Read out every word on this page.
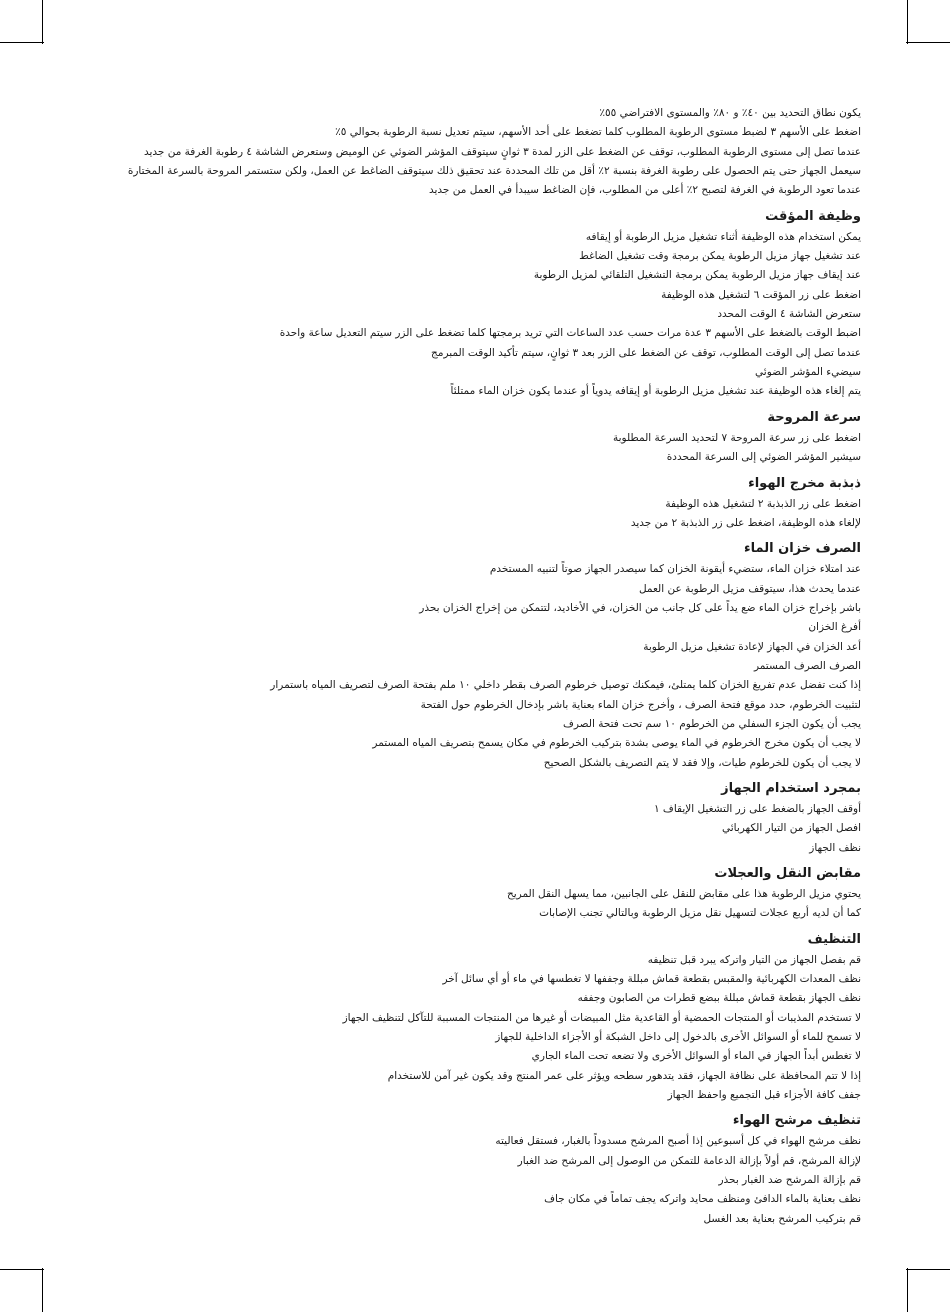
يكون نطاق التحديد بين ٤٠٪ و ٨٠٪ والمستوى الافتراضي ٥٥٪
اضغط على الأسهم ٣ لضبط مستوى الرطوبة المطلوب كلما تضغط على أحد الأسهم، سيتم تعديل نسبة الرطوبة بحوالي ٥٪
عندما تصل إلى مستوى الرطوبة المطلوب، توقف عن الضغط على الزر لمدة ٣ ثوانٍ سيتوقف المؤشر الضوئي عن الوميض وستعرض الشاشة ٤ رطوبة الغرفة من جديد
سيعمل الجهاز حتى يتم الحصول على رطوبة الغرفة بنسبة ٢٪ أقل من تلك المحددة عند تحقيق ذلك سيتوقف الضاغط عن العمل، ولكن ستستمر المروحة بالسرعة المختارة
عندما تعود الرطوبة في الغرفة لتصبح ٢٪ أعلى من المطلوب، فإن الضاغط سيبدأ في العمل من جديد
وظيفة المؤقت
يمكن استخدام هذه الوظيفة أثناء تشغيل مزيل الرطوبة أو إيقافه
عند تشغيل جهاز مزيل الرطوبة يمكن برمجة وقت تشغيل الضاغط
عند إيقاف جهاز مزيل الرطوبة يمكن برمجة التشغيل التلقائي لمزيل الرطوبة
اضغط على زر المؤقت ٦ لتشغيل هذه الوظيفة
ستعرض الشاشة ٤ الوقت المحدد
اضبط الوقت بالضغط على الأسهم ٣ عدة مرات حسب عدد الساعات التي تريد برمجتها كلما تضغط على الزر سيتم التعديل ساعة واحدة
عندما تصل إلى الوقت المطلوب، توقف عن الضغط على الزر بعد ٣ ثوانٍ، سيتم تأكيد الوقت المبرمج
سيضيء المؤشر الضوئي
يتم إلغاء هذه الوظيفة عند تشغيل مزيل الرطوبة أو إيقافه يدوياً أو عندما يكون خزان الماء ممتلئاً
سرعة المروحة
اضغط على زر سرعة المروحة ٧ لتحديد السرعة المطلوبة
سيشير المؤشر الضوئي إلى السرعة المحددة
ذبذبة مخرج الهواء
اضغط على زر الذبذبة ٢ لتشغيل هذه الوظيفة
لإلغاء هذه الوظيفة، اضغط على زر الذبذبة ٢ من جديد
الصرف خزان الماء
عند امتلاء خزان الماء، ستضيء أيقونة الخزان كما سيصدر الجهاز صوتاً لتنبيه المستخدم
عندما يحدث هذا، سيتوقف مزيل الرطوبة عن العمل
باشر بإخراج خزان الماء ضع يداً على كل جانب من الخزان، في الأخاديد، لتتمكن من إخراج الخزان بحذر
أفرغ الخزان
أعد الخزان في الجهاز لإعادة تشغيل مزيل الرطوبة
الصرف الصرف المستمر
إذا كنت تفضل عدم تفريغ الخزان كلما يمتلئ، فيمكنك توصيل خرطوم الصرف بقطر داخلي ١٠ ملم بفتحة الصرف لتصريف المياه باستمرار
لتثبيت الخرطوم، حدد موقع فتحة الصرف ، وأخرج خزان الماء بعناية باشر بإدخال الخرطوم حول الفتحة
يجب أن يكون الجزء السفلي من الخرطوم ١٠ سم تحت فتحة الصرف
لا يجب أن يكون مخرج الخرطوم في الماء يوصى بشدة بتركيب الخرطوم في مكان يسمح بتصريف المياه المستمر
لا يجب أن يكون للخرطوم طيات، وإلا فقد لا يتم التصريف بالشكل الصحيح
بمجرد استخدام الجهاز
أوقف الجهاز بالضغط على زر التشغيل الإيقاف ١
افصل الجهاز من التيار الكهربائي
نظف الجهاز
مقابض النقل والعجلات
يحتوي مزيل الرطوبة هذا على مقابض للنقل على الجانبين، مما يسهل النقل المريح
كما أن لديه أربع عجلات لتسهيل نقل مزيل الرطوبة وبالتالي تجنب الإصابات
التنظيف
قم بفصل الجهاز من التيار واتركه يبرد قبل تنظيفه
نظف المعدات الكهربائية والمقبس بقطعة قماش مبللة وجففها لا تغطسها في ماء أو أي سائل آخر
نظف الجهاز بقطعة قماش مبللة ببضع قطرات من الصابون وجففه
لا تستخدم المذيبات أو المنتجات الحمضية أو القاعدية مثل المبيضات أو غيرها من المنتجات المسببة للتآكل لتنظيف الجهاز
لا تسمح للماء أو السوائل الأخرى بالدخول إلى داخل الشبكة أو الأجزاء الداخلية للجهاز
لا تغطس أبداً الجهاز في الماء أو السوائل الأخرى ولا تضعه تحت الماء الجاري
إذا لا تتم المحافظة على نظافة الجهاز، فقد يتدهور سطحه ويؤثر على عمر المنتج وقد يكون غير آمن للاستخدام
جفف كافة الأجزاء قبل التجميع واحفظ الجهاز
تنظيف مرشح الهواء
نظف مرشح الهواء في كل أسبوعين إذا أصبح المرشح مسدوداً بالغبار، فستقل فعاليته
لإزالة المرشح، قم أولاً بإزالة الدعامة للتمكن من الوصول إلى المرشح ضد الغبار
قم بإزالة المرشح ضد الغبار بحذر
نظف بعناية بالماء الدافئ ومنظف محايد واتركه يجف تماماً في مكان جاف
قم بتركيب المرشح بعناية بعد الغسل
